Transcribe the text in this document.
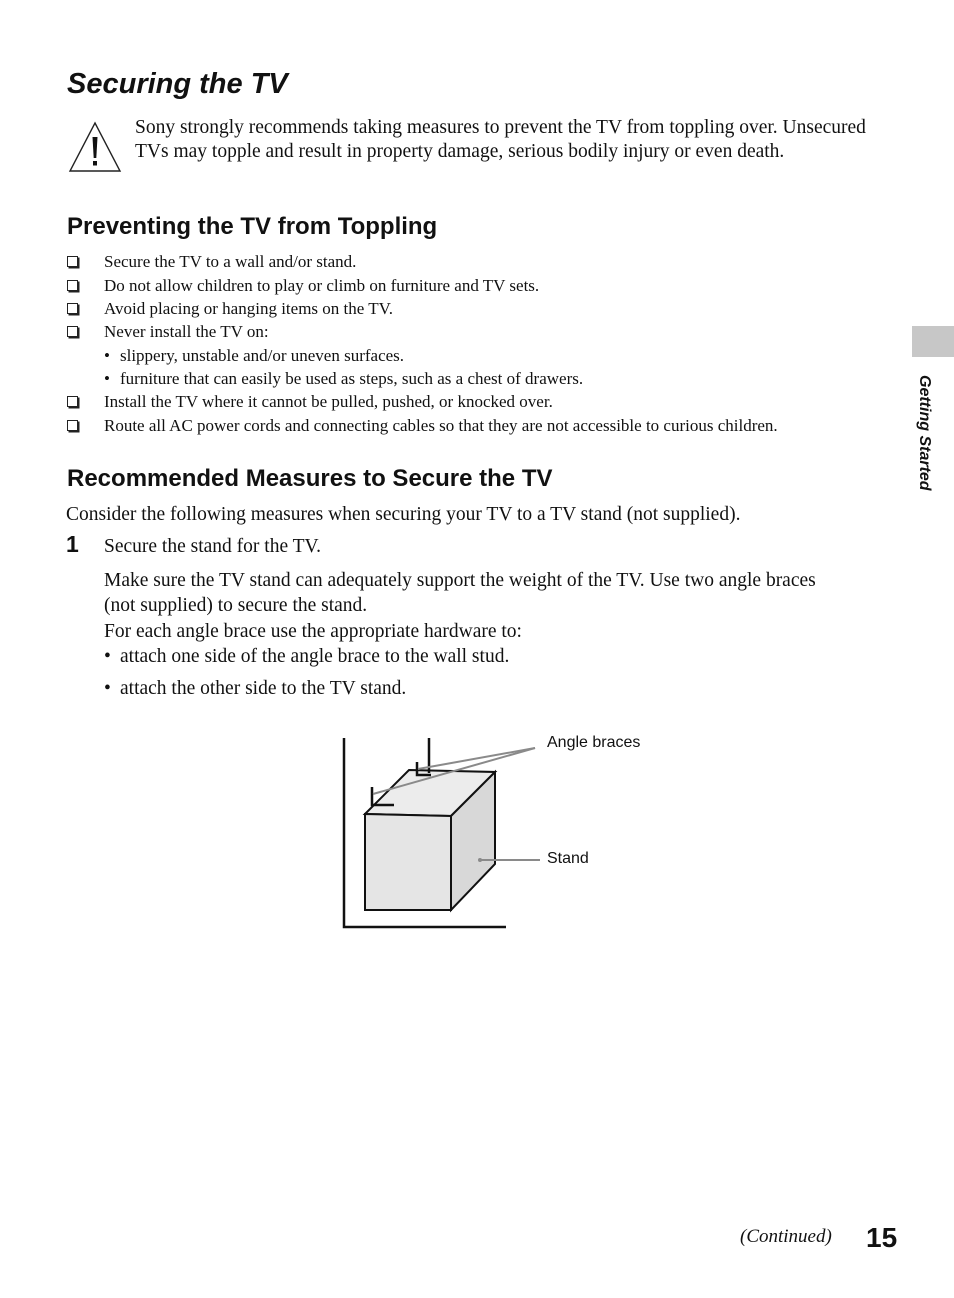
Securing the TV
Sony strongly recommends taking measures to prevent the TV from toppling over. Unsecured TVs may topple and result in property damage, serious bodily injury or even death.
Preventing the TV from Toppling
Secure the TV to a wall and/or stand.
Do not allow children to play or climb on furniture and TV sets.
Avoid placing or hanging items on the TV.
Never install the TV on:
• slippery, unstable and/or uneven surfaces.
• furniture that can easily be used as steps, such as a chest of drawers.
Install the TV where it cannot be pulled, pushed, or knocked over.
Route all AC power cords and connecting cables so that they are not accessible to curious children.
Recommended Measures to Secure the TV
Consider the following measures when securing your TV to a TV stand (not supplied).
1 Secure the stand for the TV.
Make sure the TV stand can adequately support the weight of the TV. Use two angle braces
(not supplied) to secure the stand.
For each angle brace use the appropriate hardware to:
• attach one side of the angle brace to the wall stud.
• attach the other side to the TV stand.
Angle braces
Stand
Getting Started
(Continued) 15
